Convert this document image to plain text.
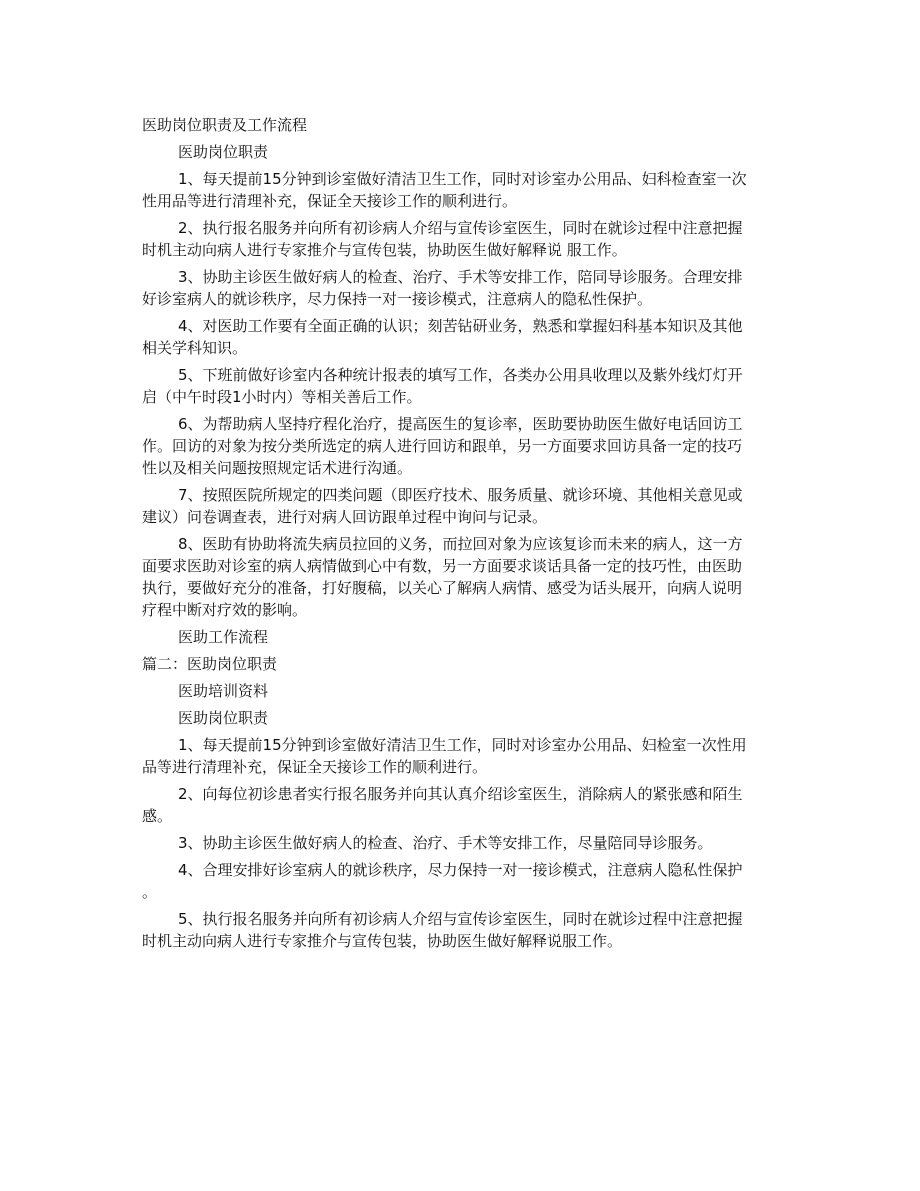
医助岗位职责及工作流程
医助岗位职责
1、每天提前15分钟到诊室做好清洁卫生工作，同时对诊室办公用品、妇科检查室一次
性用品等进行清理补充，保证全天接诊工作的顺利进行。
2、执行报名服务并向所有初诊病人介绍与宣传诊室医生，同时在就诊过程中注意把握
时机主动向病人进行专家推介与宣传包装，协助医生做好解释说 服工作。
3、协助主诊医生做好病人的检查、治疗、手术等安排工作，陪同导诊服务。合理安排
好诊室病人的就诊秩序，尽力保持一对一接诊模式，注意病人的隐私性保护。
4、对医助工作要有全面正确的认识；刻苦钻研业务，熟悉和掌握妇科基本知识及其他
相关学科知识。
5、下班前做好诊室内各种统计报表的填写工作，各类办公用具收理以及紫外线灯灯开
启（中午时段1小时内）等相关善后工作。
6、为帮助病人坚持疗程化治疗，提高医生的复诊率，医助要协助医生做好电话回访工
作。回访的对象为按分类所选定的病人进行回访和跟单，另一方面要求回访具备一定的技巧
性以及相关问题按照规定话术进行沟通。
7、按照医院所规定的四类问题（即医疗技术、服务质量、就诊环境、其他相关意见或
建议）问卷调查表，进行对病人回访跟单过程中询问与记录。
8、医助有协助将流失病员拉回的义务，而拉回对象为应该复诊而未来的病人，这一方
面要求医助对诊室的病人病情做到心中有数，另一方面要求谈话具备一定的技巧性，由医助
执行，要做好充分的准备，打好腹稿，以关心了解病人病情、感受为话头展开，向病人说明
疗程中断对疗效的影响。
医助工作流程
篇二：医助岗位职责
医助培训资料
医助岗位职责
1、每天提前15分钟到诊室做好清洁卫生工作，同时对诊室办公用品、妇检室一次性用
品等进行清理补充，保证全天接诊工作的顺利进行。
2、向每位初诊患者实行报名服务并向其认真介绍诊室医生，消除病人的紧张感和陌生
感。
3、协助主诊医生做好病人的检查、治疗、手术等安排工作，尽量陪同导诊服务。
4、合理安排好诊室病人的就诊秩序，尽力保持一对一接诊模式，注意病人隐私性保护
。
5、执行报名服务并向所有初诊病人介绍与宣传诊室医生，同时在就诊过程中注意把握
时机主动向病人进行专家推介与宣传包装，协助医生做好解释说服工作。
